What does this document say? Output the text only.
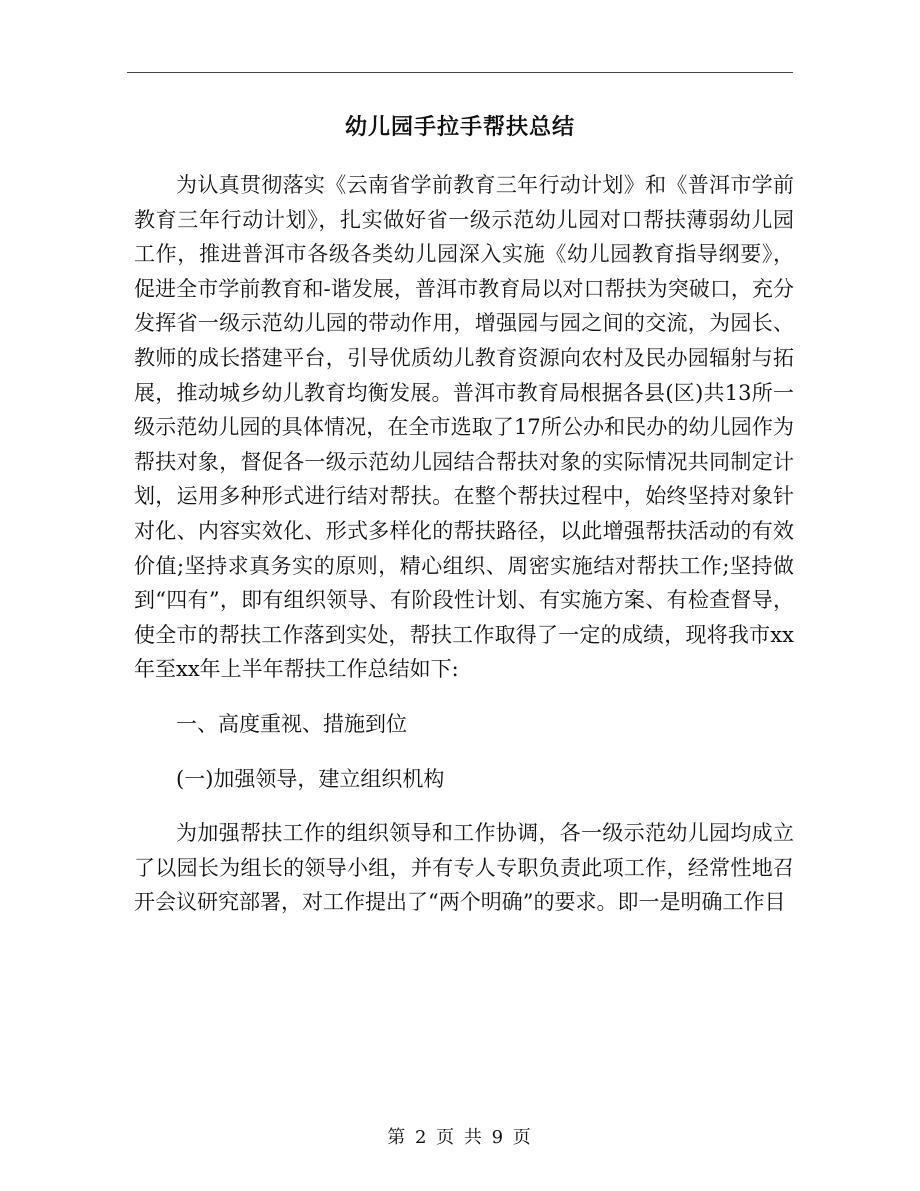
幼儿园手拉手帮扶总结

为认真贯彻落实《云南省学前教育三年行动计划》和《普洱市学前教育三年行动计划》，扎实做好省一级示范幼儿园对口帮扶薄弱幼儿园工作，推进普洱市各级各类幼儿园深入实施《幼儿园教育指导纲要》，促进全市学前教育和-谐发展，普洱市教育局以对口帮扶为突破口，充分发挥省一级示范幼儿园的带动作用，增强园与园之间的交流，为园长、教师的成长搭建平台，引导优质幼儿教育资源向农村及民办园辐射与拓展，推动城乡幼儿教育均衡发展。普洱市教育局根据各县(区)共13所一级示范幼儿园的具体情况，在全市选取了17所公办和民办的幼儿园作为帮扶对象，督促各一级示范幼儿园结合帮扶对象的实际情况共同制定计划，运用多种形式进行结对帮扶。在整个帮扶过程中，始终坚持对象针对化、内容实效化、形式多样化的帮扶路径，以此增强帮扶活动的有效价值;坚持求真务实的原则，精心组织、周密实施结对帮扶工作;坚持做到“四有”，即有组织领导、有阶段性计划、有实施方案、有检查督导，使全市的帮扶工作落到实处，帮扶工作取得了一定的成绩，现将我市xx年至xx年上半年帮扶工作总结如下:

一、高度重视、措施到位

(一)加强领导，建立组织机构

为加强帮扶工作的组织领导和工作协调，各一级示范幼儿园均成立了以园长为组长的领导小组，并有专人专职负责此项工作，经常性地召开会议研究部署，对工作提出了“两个明确”的要求。即一是明确工作目

第 2 页 共 9 页
